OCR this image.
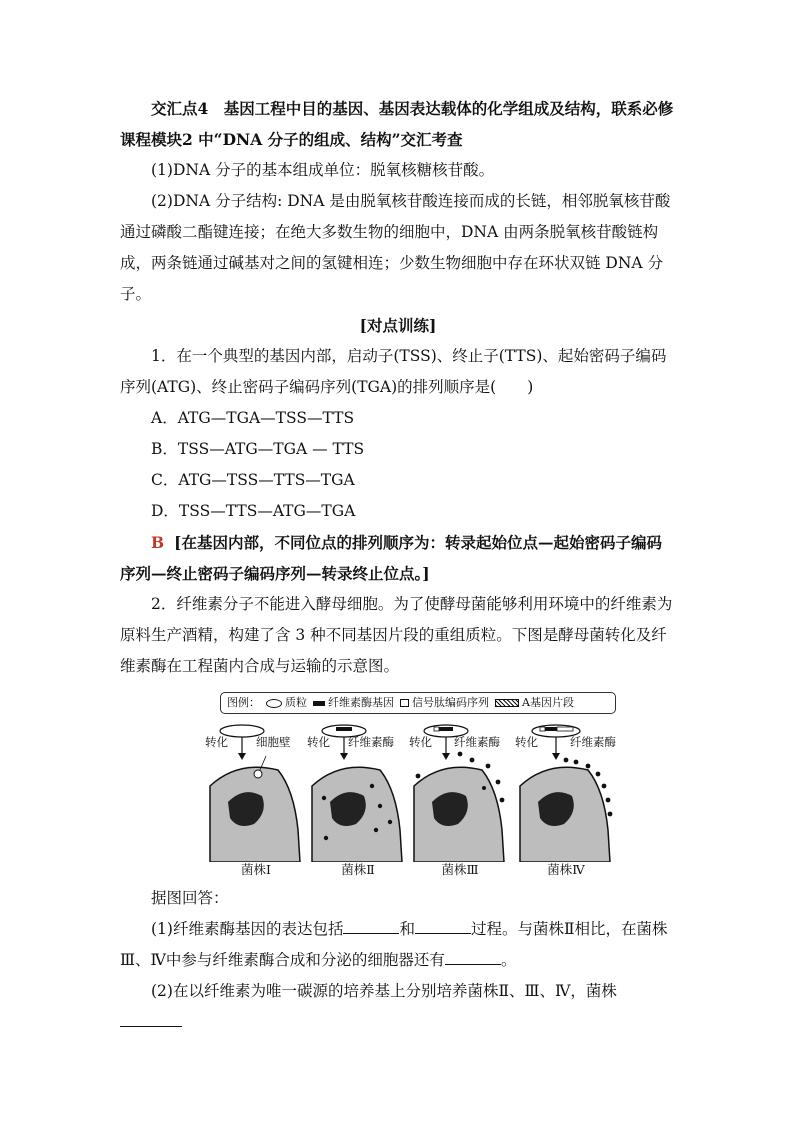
交汇点4　基因工程中目的基因、基因表达载体的化学组成及结构，联系必修课程模块2 中“DNA 分子的组成、结构”交汇考查

(1)DNA 分子的基本组成单位：脱氧核糖核苷酸。

(2)DNA 分子结构: DNA 是由脱氧核苷酸连接而成的长链，相邻脱氧核苷酸通过磷酸二酯键连接；在绝大多数生物的细胞中，DNA 由两条脱氧核苷酸链构成，两条链通过碱基对之间的氢键相连；少数生物细胞中存在环状双链 DNA 分子。

[对点训练]

1．在一个典型的基因内部，启动子(TSS)、终止子(TTS)、起始密码子编码序列(ATG)、终止密码子编码序列(TGA)的排列顺序是(　　)

A．ATG—TGA—TSS—TTS

B．TSS—ATG—TGA — TTS

C．ATG—TSS—TTS—TGA

D．TSS—TTS—ATG—TGA

B [在基因内部，不同位点的排列顺序为：转录起始位点—起始密码子编码序列—终止密码子编码序列—转录终止位点。]

2．纤维素分子不能进入酵母细胞。为了使酵母菌能够利用环境中的纤维素为原料生产酒精，构建了含 3 种不同基因片段的重组质粒。下图是酵母菌转化及纤维素酶在工程菌内合成与运输的示意图。

图例： 质粒 纤维素酶基因 信号肽编码序列	A基因片段
转化 细胞壁
菌株Ⅰ
转化 纤维素酶
菌株Ⅱ
转化 纤维素酶
菌株Ⅲ
转化	纤维素酶
菌株Ⅳ

据图回答：

(1)纤维素酶基因的表达包括	和	过程。与菌株Ⅱ相比，在菌株Ⅲ、Ⅳ中参与纤维素酶合成和分泌的细胞器还有	。

(2)在以纤维素为唯一碳源的培养基上分别培养菌株Ⅱ、Ⅲ、Ⅳ，菌株
